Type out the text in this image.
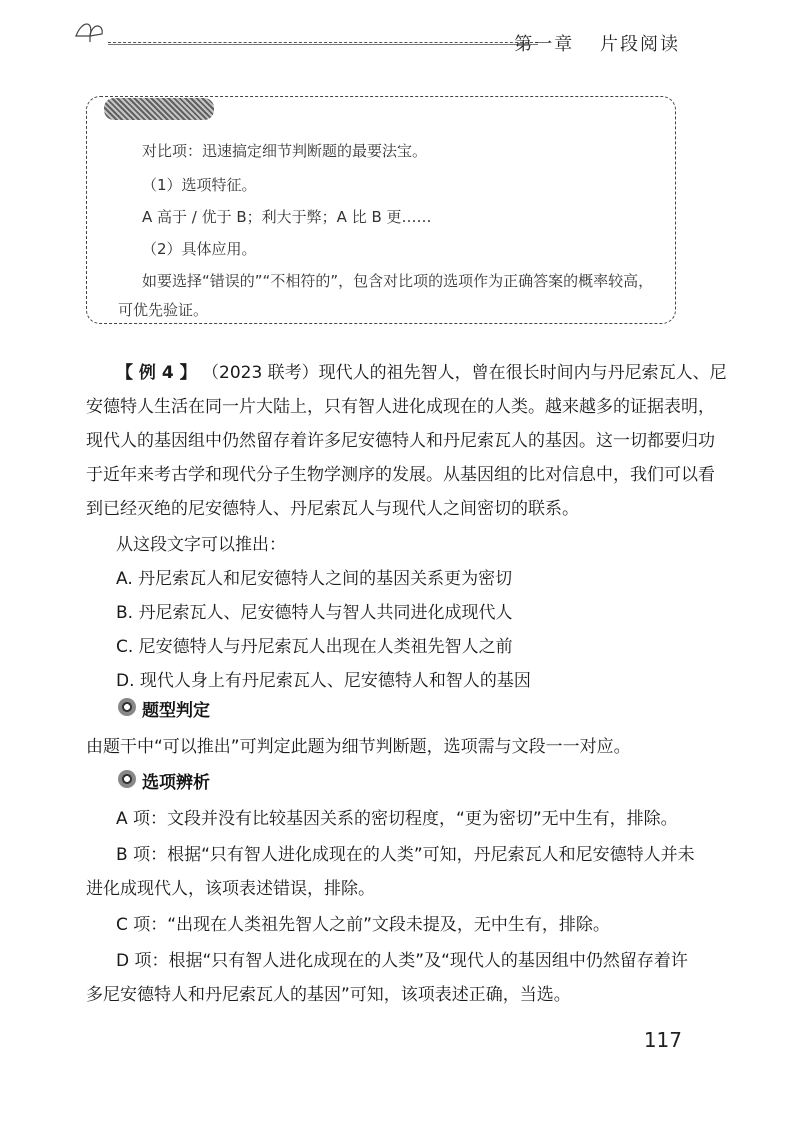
第一章 片段阅读
对比项：迅速搞定细节判断题的最要法宝。
（1）选项特征。
A 高于 / 优于 B；利大于弊；A 比 B 更……
（2）具体应用。
如要选择“错误的”“不相符的”，包含对比项的选项作为正确答案的概率较高，
可优先验证。
【 例 4 】 （2023 联考）现代人的祖先智人，曾在很长时间内与丹尼索瓦人、尼
安德特人生活在同一片大陆上，只有智人进化成现在的人类。越来越多的证据表明，
现代人的基因组中仍然留存着许多尼安德特人和丹尼索瓦人的基因。这一切都要归功
于近年来考古学和现代分子生物学测序的发展。从基因组的比对信息中，我们可以看
到已经灭绝的尼安德特人、丹尼索瓦人与现代人之间密切的联系。
从这段文字可以推出：
A. 丹尼索瓦人和尼安德特人之间的基因关系更为密切
B. 丹尼索瓦人、尼安德特人与智人共同进化成现代人
C. 尼安德特人与丹尼索瓦人出现在人类祖先智人之前
D. 现代人身上有丹尼索瓦人、尼安德特人和智人的基因
题型判定
由题干中“可以推出”可判定此题为细节判断题，选项需与文段一一对应。
选项辨析
A 项：文段并没有比较基因关系的密切程度，“更为密切”无中生有，排除。
B 项：根据“只有智人进化成现在的人类”可知，丹尼索瓦人和尼安德特人并未
进化成现代人，该项表述错误，排除。
C 项：“出现在人类祖先智人之前”文段未提及，无中生有，排除。
D 项：根据“只有智人进化成现在的人类”及“现代人的基因组中仍然留存着许
多尼安德特人和丹尼索瓦人的基因”可知，该项表述正确，当选。
117
